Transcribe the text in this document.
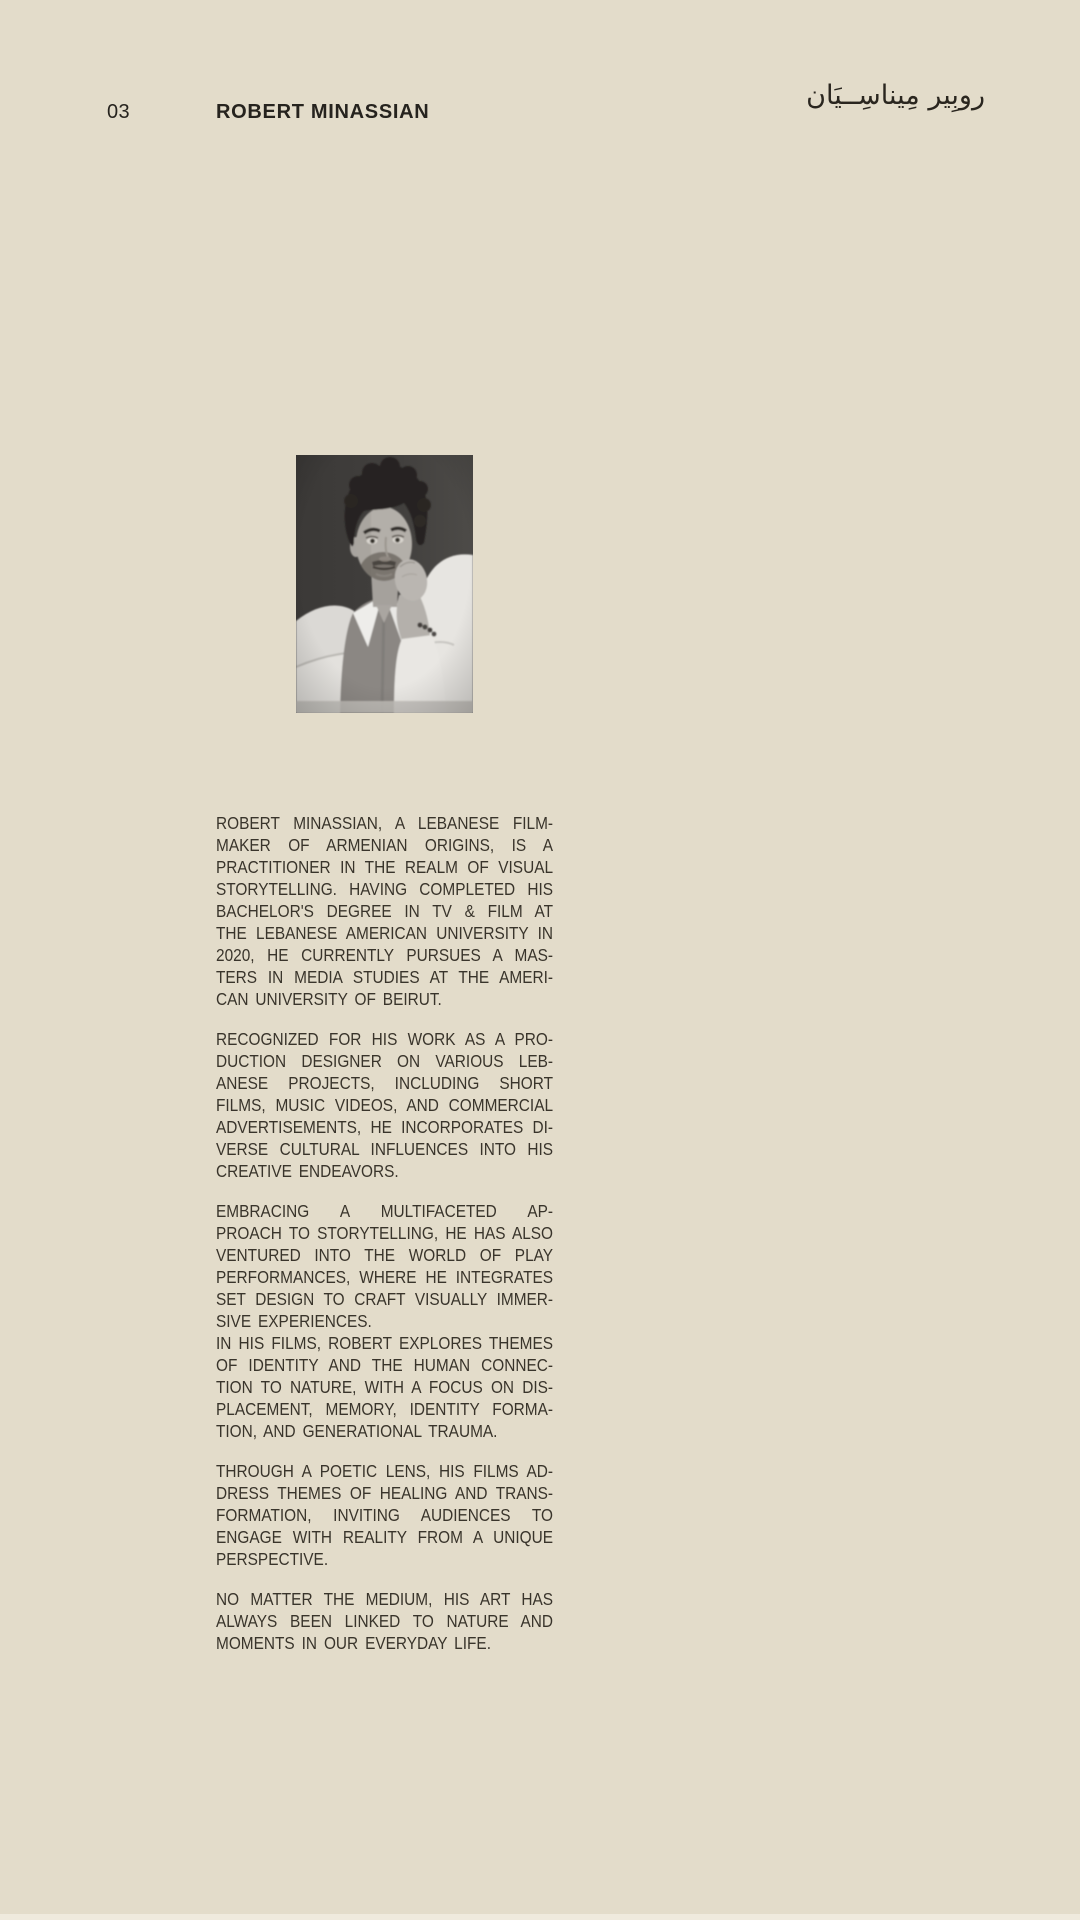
03	ROBERT MINASSIAN
روبِير مِيناسِــيَان
ROBERT MINASSIAN, A LEBANESE FILM-
MAKER OF ARMENIAN ORIGINS, IS A
PRACTITIONER IN THE REALM OF VISUAL
STORYTELLING. HAVING COMPLETED HIS
BACHELOR'S DEGREE IN TV & FILM AT
THE LEBANESE AMERICAN UNIVERSITY IN
2020, HE CURRENTLY PURSUES A MAS-
TERS IN MEDIA STUDIES AT THE AMERI-
CAN UNIVERSITY OF BEIRUT.
RECOGNIZED FOR HIS WORK AS A PRO-
DUCTION DESIGNER ON VARIOUS LEB-
ANESE PROJECTS, INCLUDING SHORT
FILMS, MUSIC VIDEOS, AND COMMERCIAL
ADVERTISEMENTS, HE INCORPORATES DI-
VERSE CULTURAL INFLUENCES INTO HIS
CREATIVE ENDEAVORS.
EMBRACING A MULTIFACETED AP-
PROACH TO STORYTELLING, HE HAS ALSO
VENTURED INTO THE WORLD OF PLAY
PERFORMANCES, WHERE HE INTEGRATES
SET DESIGN TO CRAFT VISUALLY IMMER-
SIVE EXPERIENCES.
IN HIS FILMS, ROBERT EXPLORES THEMES
OF IDENTITY AND THE HUMAN CONNEC-
TION TO NATURE, WITH A FOCUS ON DIS-
PLACEMENT, MEMORY, IDENTITY FORMA-
TION, AND GENERATIONAL TRAUMA.
THROUGH A POETIC LENS, HIS FILMS AD-
DRESS THEMES OF HEALING AND TRANS-
FORMATION, INVITING AUDIENCES TO
ENGAGE WITH REALITY FROM A UNIQUE
PERSPECTIVE.
NO MATTER THE MEDIUM, HIS ART HAS
ALWAYS BEEN LINKED TO NATURE AND
MOMENTS IN OUR EVERYDAY LIFE.
